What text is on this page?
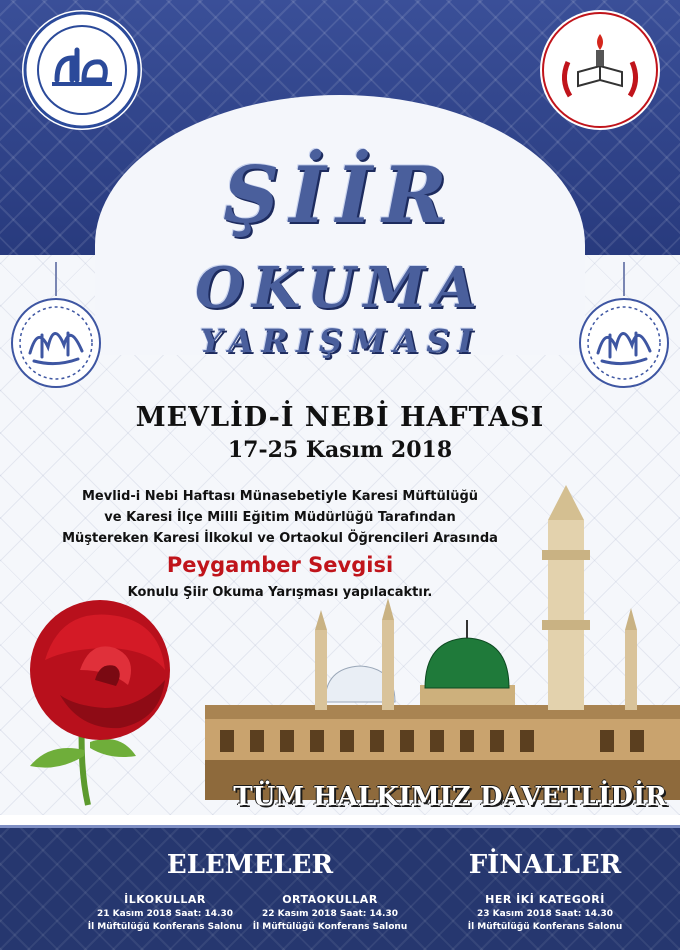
ŞİİR
OKUMA
YARIŞMASI
MEVLİD-İ NEBİ HAFTASI
17-25 Kasım 2018
Mevlid-i Nebi Haftası Münasebetiyle Karesi Müftülüğü
ve Karesi İlçe Milli Eğitim Müdürlüğü Tarafından
Müştereken Karesi İlkokul ve Ortaokul Öğrencileri Arasında
Peygamber Sevgisi
Konulu Şiir Okuma Yarışması yapılacaktır.
TÜM HALKIMIZ DAVETLİDİR
ELEMELER	FİNALLER
İLKOKULLAR
21 Kasım 2018 Saat: 14.30
İl Müftülüğü Konferans Salonu
ORTAOKULLAR
22 Kasım 2018 Saat: 14.30
İl Müftülüğü Konferans Salonu
HER İKİ KATEGORİ
23 Kasım 2018 Saat: 14.30
İl Müftülüğü Konferans Salonu
